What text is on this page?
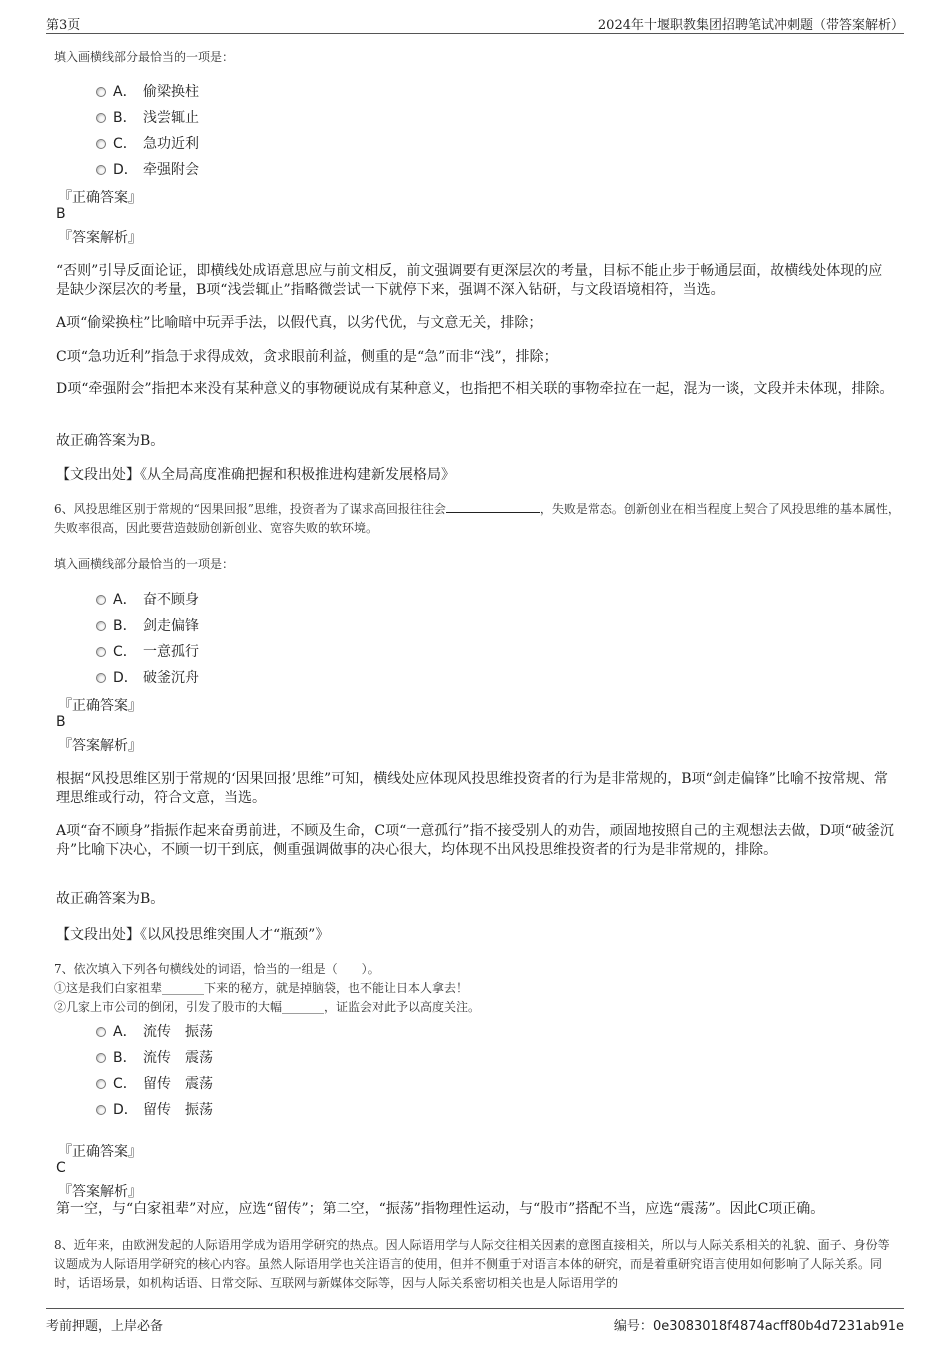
第3页	2024年十堰职教集团招聘笔试冲刺题（带答案解析）
填入画横线部分最恰当的一项是：
A． 偷梁换柱
B． 浅尝辄止
C． 急功近利
D． 牵强附会
『正确答案』
B
『答案解析』
“否则”引导反面论证，即横线处成语意思应与前文相反，前文强调要有更深层次的考量，目标不能止步于畅通层面，故横线处体现的应是缺少深层次的考量，B项“浅尝辄止”指略微尝试一下就停下来，强调不深入钻研，与文段语境相符，当选。
A项“偷梁换柱”比喻暗中玩弄手法，以假代真，以劣代优，与文意无关，排除；
C项“急功近利”指急于求得成效，贪求眼前利益，侧重的是“急”而非“浅”，排除；
D项“牵强附会”指把本来没有某种意义的事物硬说成有某种意义，也指把不相关联的事物牵拉在一起，混为一谈，文段并未体现，排除。
故正确答案为B。
【文段出处】《从全局高度准确把握和积极推进构建新发展格局》
6、风投思维区别于常规的“因果回报”思维，投资者为了谋求高回报往往会	，失败是常态。创新创业在相当程度上契合了风投思维的基本属性，失败率很高，因此要营造鼓励创新创业、宽容失败的软环境。
填入画横线部分最恰当的一项是：
A． 奋不顾身
B． 剑走偏锋
C． 一意孤行
D． 破釜沉舟
『正确答案』
B
『答案解析』
根据“风投思维区别于常规的‘因果回报’思维”可知，横线处应体现风投思维投资者的行为是非常规的，B项“剑走偏锋”比喻不按常规、常理思维或行动，符合文意，当选。
A项“奋不顾身”指振作起来奋勇前进，不顾及生命，C项“一意孤行”指不接受别人的劝告，顽固地按照自己的主观想法去做，D项“破釜沉舟”比喻下决心，不顾一切干到底，侧重强调做事的决心很大，均体现不出风投思维投资者的行为是非常规的，排除。
故正确答案为B。
【文段出处】《以风投思维突围人才“瓶颈”》
7、依次填入下列各句横线处的词语，恰当的一组是（　　）。
①这是我们白家祖辈_______下来的秘方，就是掉脑袋，也不能让日本人拿去！
②几家上市公司的倒闭，引发了股市的大幅_______，证监会对此予以高度关注。
A． 流传　振荡
B． 流传　震荡
C． 留传　震荡
D． 留传　振荡
『正确答案』
C
『答案解析』
第一空，与“白家祖辈”对应，应选“留传”；第二空，“振荡”指物理性运动，与“股市”搭配不当，应选“震荡”。因此C项正确。
8、近年来，由欧洲发起的人际语用学成为语用学研究的热点。因人际语用学与人际交往相关因素的意图直接相关，所以与人际关系相关的礼貌、面子、身份等议题成为人际语用学研究的核心内容。虽然人际语用学也关注语言的使用，但并不侧重于对语言本体的研究，而是着重研究语言使用如何影响了人际关系。同时，话语场景，如机构话语、日常交际、互联网与新媒体交际等，因与人际关系密切相关也是人际语用学的
考前押题，上岸必备	编号：0e3083018f4874acff80b4d7231ab91e
